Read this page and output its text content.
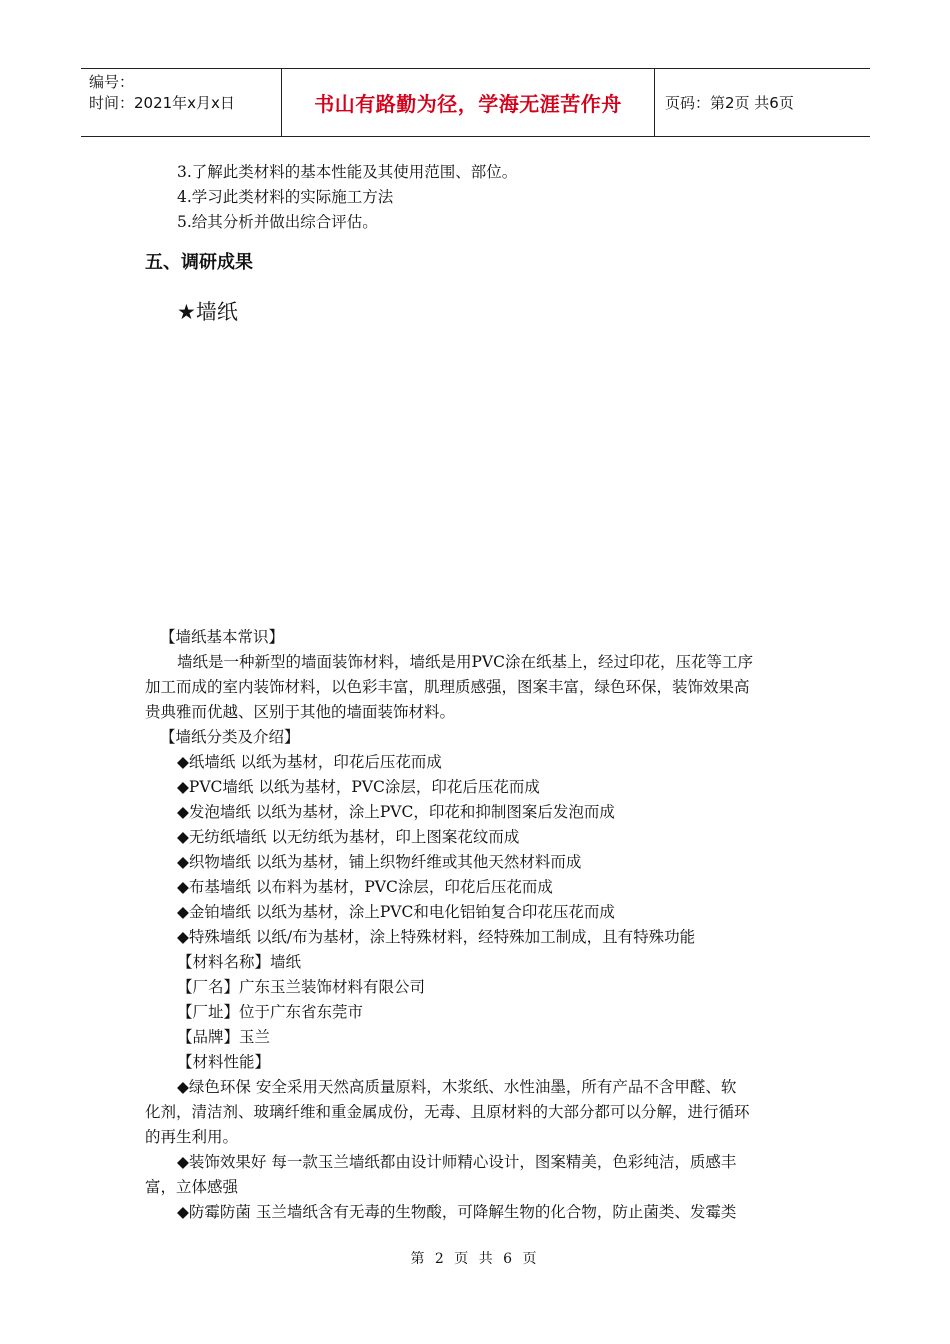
编号：
时间：2021年x月x日	书山有路勤为径，学海无涯苦作舟	页码：第2页 共6页
3.了解此类材料的基本性能及其使用范围、部位。
4.学习此类材料的实际施工方法
5.给其分析并做出综合评估。
五、调研成果
★墙纸
【墙纸基本常识】
墙纸是一种新型的墙面装饰材料，墙纸是用PVC涂在纸基上，经过印花，压花等工序
加工而成的室内装饰材料，以色彩丰富，肌理质感强，图案丰富，绿色环保，装饰效果高
贵典雅而优越、区别于其他的墙面装饰材料。
【墙纸分类及介绍】
◆纸墙纸 以纸为基材，印花后压花而成
◆PVC墙纸 以纸为基材，PVC涂层，印花后压花而成
◆发泡墙纸 以纸为基材，涂上PVC，印花和抑制图案后发泡而成
◆无纺纸墙纸 以无纺纸为基材，印上图案花纹而成
◆织物墙纸 以纸为基材，铺上织物纤维或其他天然材料而成
◆布基墙纸 以布料为基材，PVC涂层，印花后压花而成
◆金铂墙纸 以纸为基材，涂上PVC和电化铝铂复合印花压花而成
◆特殊墙纸 以纸/布为基材，涂上特殊材料，经特殊加工制成，且有特殊功能
【材料名称】墙纸
【厂名】广东玉兰装饰材料有限公司
【厂址】位于广东省东莞市
【品牌】玉兰
【材料性能】
◆绿色环保 安全采用天然高质量原料，木浆纸、水性油墨，所有产品不含甲醛、软
化剂，清洁剂、玻璃纤维和重金属成份，无毒、且原材料的大部分都可以分解，进行循环
的再生利用。
◆装饰效果好 每一款玉兰墙纸都由设计师精心设计，图案精美，色彩纯洁，质感丰
富，立体感强
◆防霉防菌 玉兰墙纸含有无毒的生物酸，可降解生物的化合物，防止菌类、发霉类
第 2 页 共 6 页
